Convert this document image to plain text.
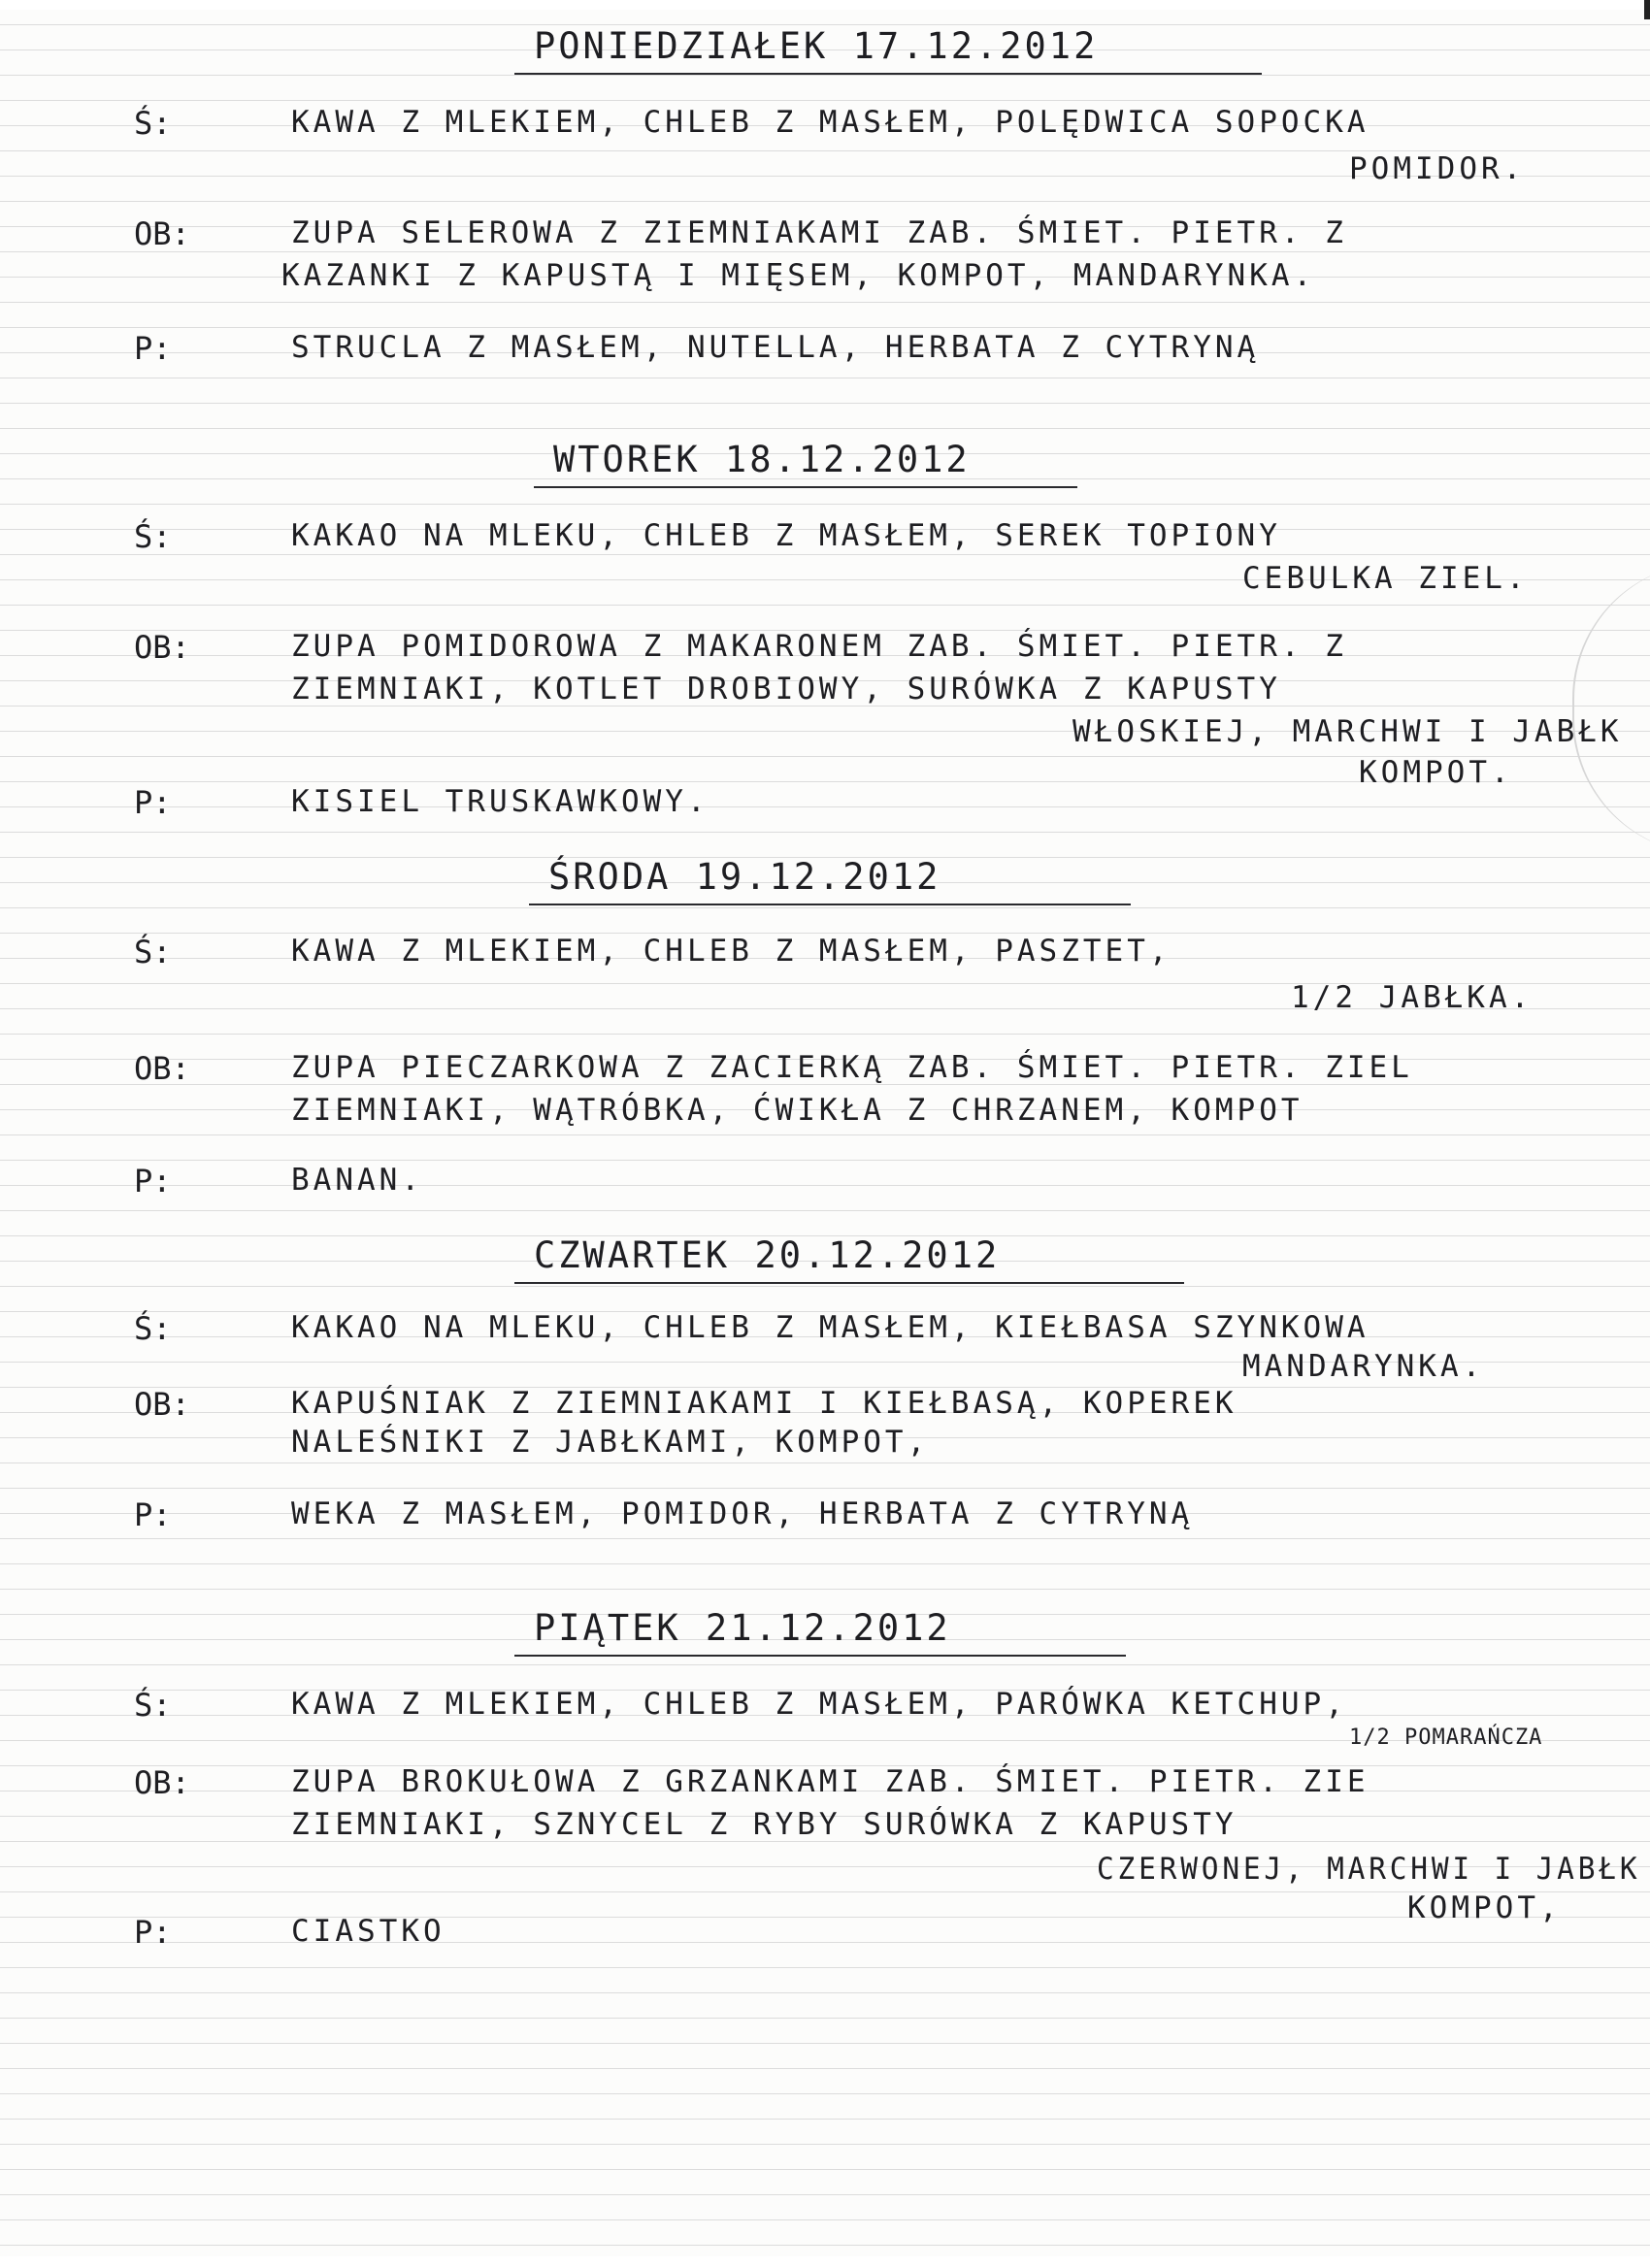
PONIEDZIAŁEK 17.12.2012
Ś:	KAWA Z MLEKIEM, CHLEB Z MASŁEM, POLĘDWICA SOPOCKA
POMIDOR.
OB:	ZUPA SELEROWA Z ZIEMNIAKAMI ZAB. ŚMIET. PIETR. Z
KAZANKI Z KAPUSTĄ I MIĘSEM, KOMPOT, MANDARYNKA.
P:	STRUCLA Z MASŁEM, NUTELLA, HERBATA Z CYTRYNĄ
WTOREK 18.12.2012
Ś:	KAKAO NA MLEKU, CHLEB Z MASŁEM, SEREK TOPIONY
CEBULKA ZIEL.
OB:	ZUPA POMIDOROWA Z MAKARONEM ZAB. ŚMIET. PIETR. Z
ZIEMNIAKI, KOTLET DROBIOWY, SURÓWKA Z KAPUSTY
WŁOSKIEJ, MARCHWI I JABŁK
KOMPOT.
P:	KISIEL TRUSKAWKOWY.
ŚRODA 19.12.2012
Ś:	KAWA Z MLEKIEM, CHLEB Z MASŁEM, PASZTET,
1/2 JABŁKA.
OB:	ZUPA PIECZARKOWA Z ZACIERKĄ ZAB. ŚMIET. PIETR. ZIEL
ZIEMNIAKI, WĄTRÓBKA, ĆWIKŁA Z CHRZANEM, KOMPOT
P:	BANAN.
CZWARTEK 20.12.2012
Ś:	KAKAO NA MLEKU, CHLEB Z MASŁEM, KIEŁBASA SZYNKOWA
MANDARYNKA.
OB:	KAPUŚNIAK Z ZIEMNIAKAMI I KIEŁBASĄ, KOPEREK
NALEŚNIKI Z JABŁKAMI, KOMPOT,
P:	WEKA Z MASŁEM, POMIDOR, HERBATA Z CYTRYNĄ
PIĄTEK 21.12.2012
Ś:	KAWA Z MLEKIEM, CHLEB Z MASŁEM, PARÓWKA KETCHUP,
1/2 POMARAŃCZA
OB:	ZUPA BROKUŁOWA Z GRZANKAMI ZAB. ŚMIET. PIETR. ZIE
ZIEMNIAKI, SZNYCEL Z RYBY SURÓWKA Z KAPUSTY
CZERWONEJ, MARCHWI I JABŁK
KOMPOT,
P:	CIASTKO
